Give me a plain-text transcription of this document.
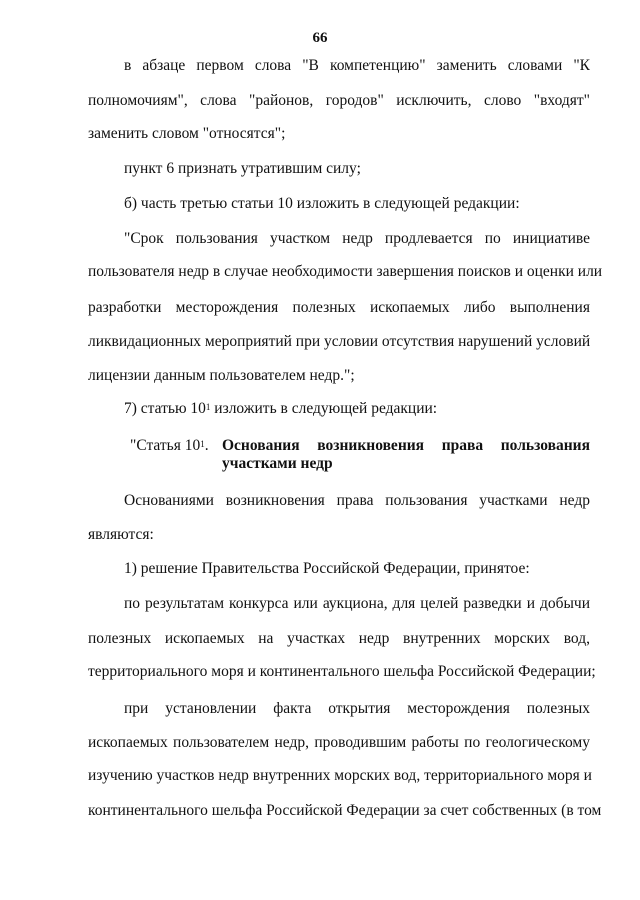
66
в абзаце первом слова "В компетенцию" заменить словами "К
полномочиям", слова "районов, городов" исключить, слово "входят"
заменить словом "относятся";
пункт 6 признать утратившим силу;
б) часть третью статьи 10 изложить в следующей редакции:
"Срок пользования участком недр продлевается по инициативе
пользователя недр в случае необходимости завершения поисков и оценки или
разработки месторождения полезных ископаемых либо выполнения
ликвидационных мероприятий при условии отсутствия нарушений условий
лицензии данным пользователем недр.";
7) статью $10^1$ изложить в следующей редакции:
"Статья $10^1$. Основания возникновения права пользования
участками недр
Основаниями возникновения права пользования участками недр
являются:
1) решение Правительства Российской Федерации, принятое:
по результатам конкурса или аукциона, для целей разведки и добычи
полезных ископаемых на участках недр внутренних морских вод,
территориального моря и континентального шельфа Российской Федерации;
при установлении факта открытия месторождения полезных
ископаемых пользователем недр, проводившим работы по геологическому
изучению участков недр внутренних морских вод, территориального моря и
континентального шельфа Российской Федерации за счет собственных (в том
